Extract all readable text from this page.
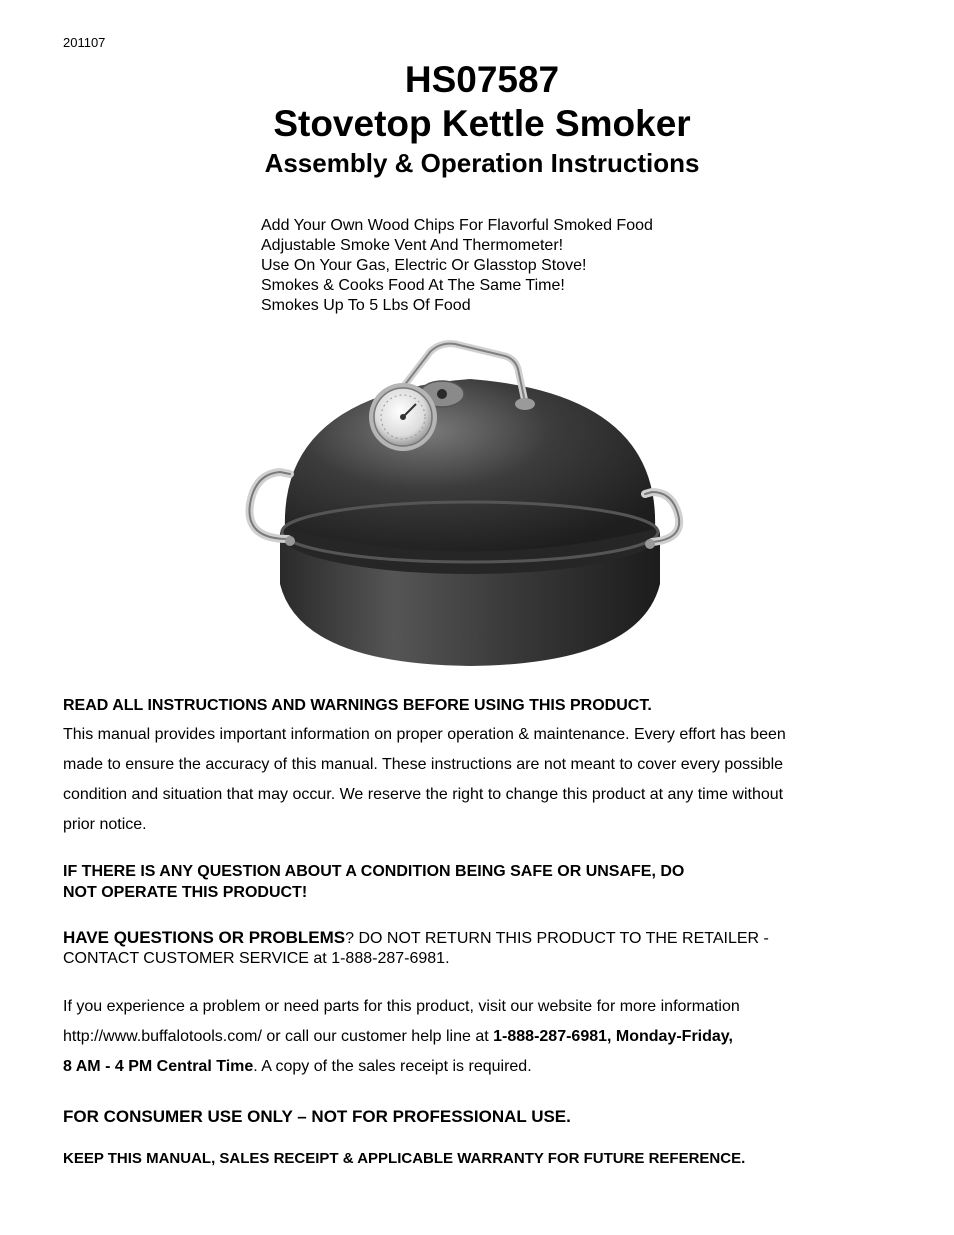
201107
HS07587
Stovetop Kettle Smoker
Assembly & Operation Instructions
Add Your Own Wood Chips For Flavorful Smoked Food
Adjustable Smoke Vent And Thermometer!
Use On Your Gas, Electric Or Glasstop Stove!
Smokes & Cooks Food At The Same Time!
Smokes Up To 5 Lbs Of Food
READ ALL INSTRUCTIONS AND WARNINGS BEFORE USING THIS PRODUCT.
This manual provides important information on proper operation & maintenance. Every effort has been
made to ensure the accuracy of this manual. These instructions are not meant to cover every possible
condition and situation that may occur. We reserve the right to change this product at any time without
prior notice.
IF THERE IS ANY QUESTION ABOUT A CONDITION BEING SAFE OR UNSAFE, DO
NOT OPERATE THIS PRODUCT!
HAVE QUESTIONS OR PROBLEMS? DO NOT RETURN THIS PRODUCT TO THE RETAILER -
CONTACT CUSTOMER SERVICE at 1-888-287-6981.
If you experience a problem or need parts for this product, visit our website for more information
http://www.buffalotools.com/ or call our customer help line at 1-888-287-6981, Monday-Friday,
8 AM - 4 PM Central Time. A copy of the sales receipt is required.
FOR CONSUMER USE ONLY – NOT FOR PROFESSIONAL USE.
KEEP THIS MANUAL, SALES RECEIPT & APPLICABLE WARRANTY FOR FUTURE REFERENCE.
